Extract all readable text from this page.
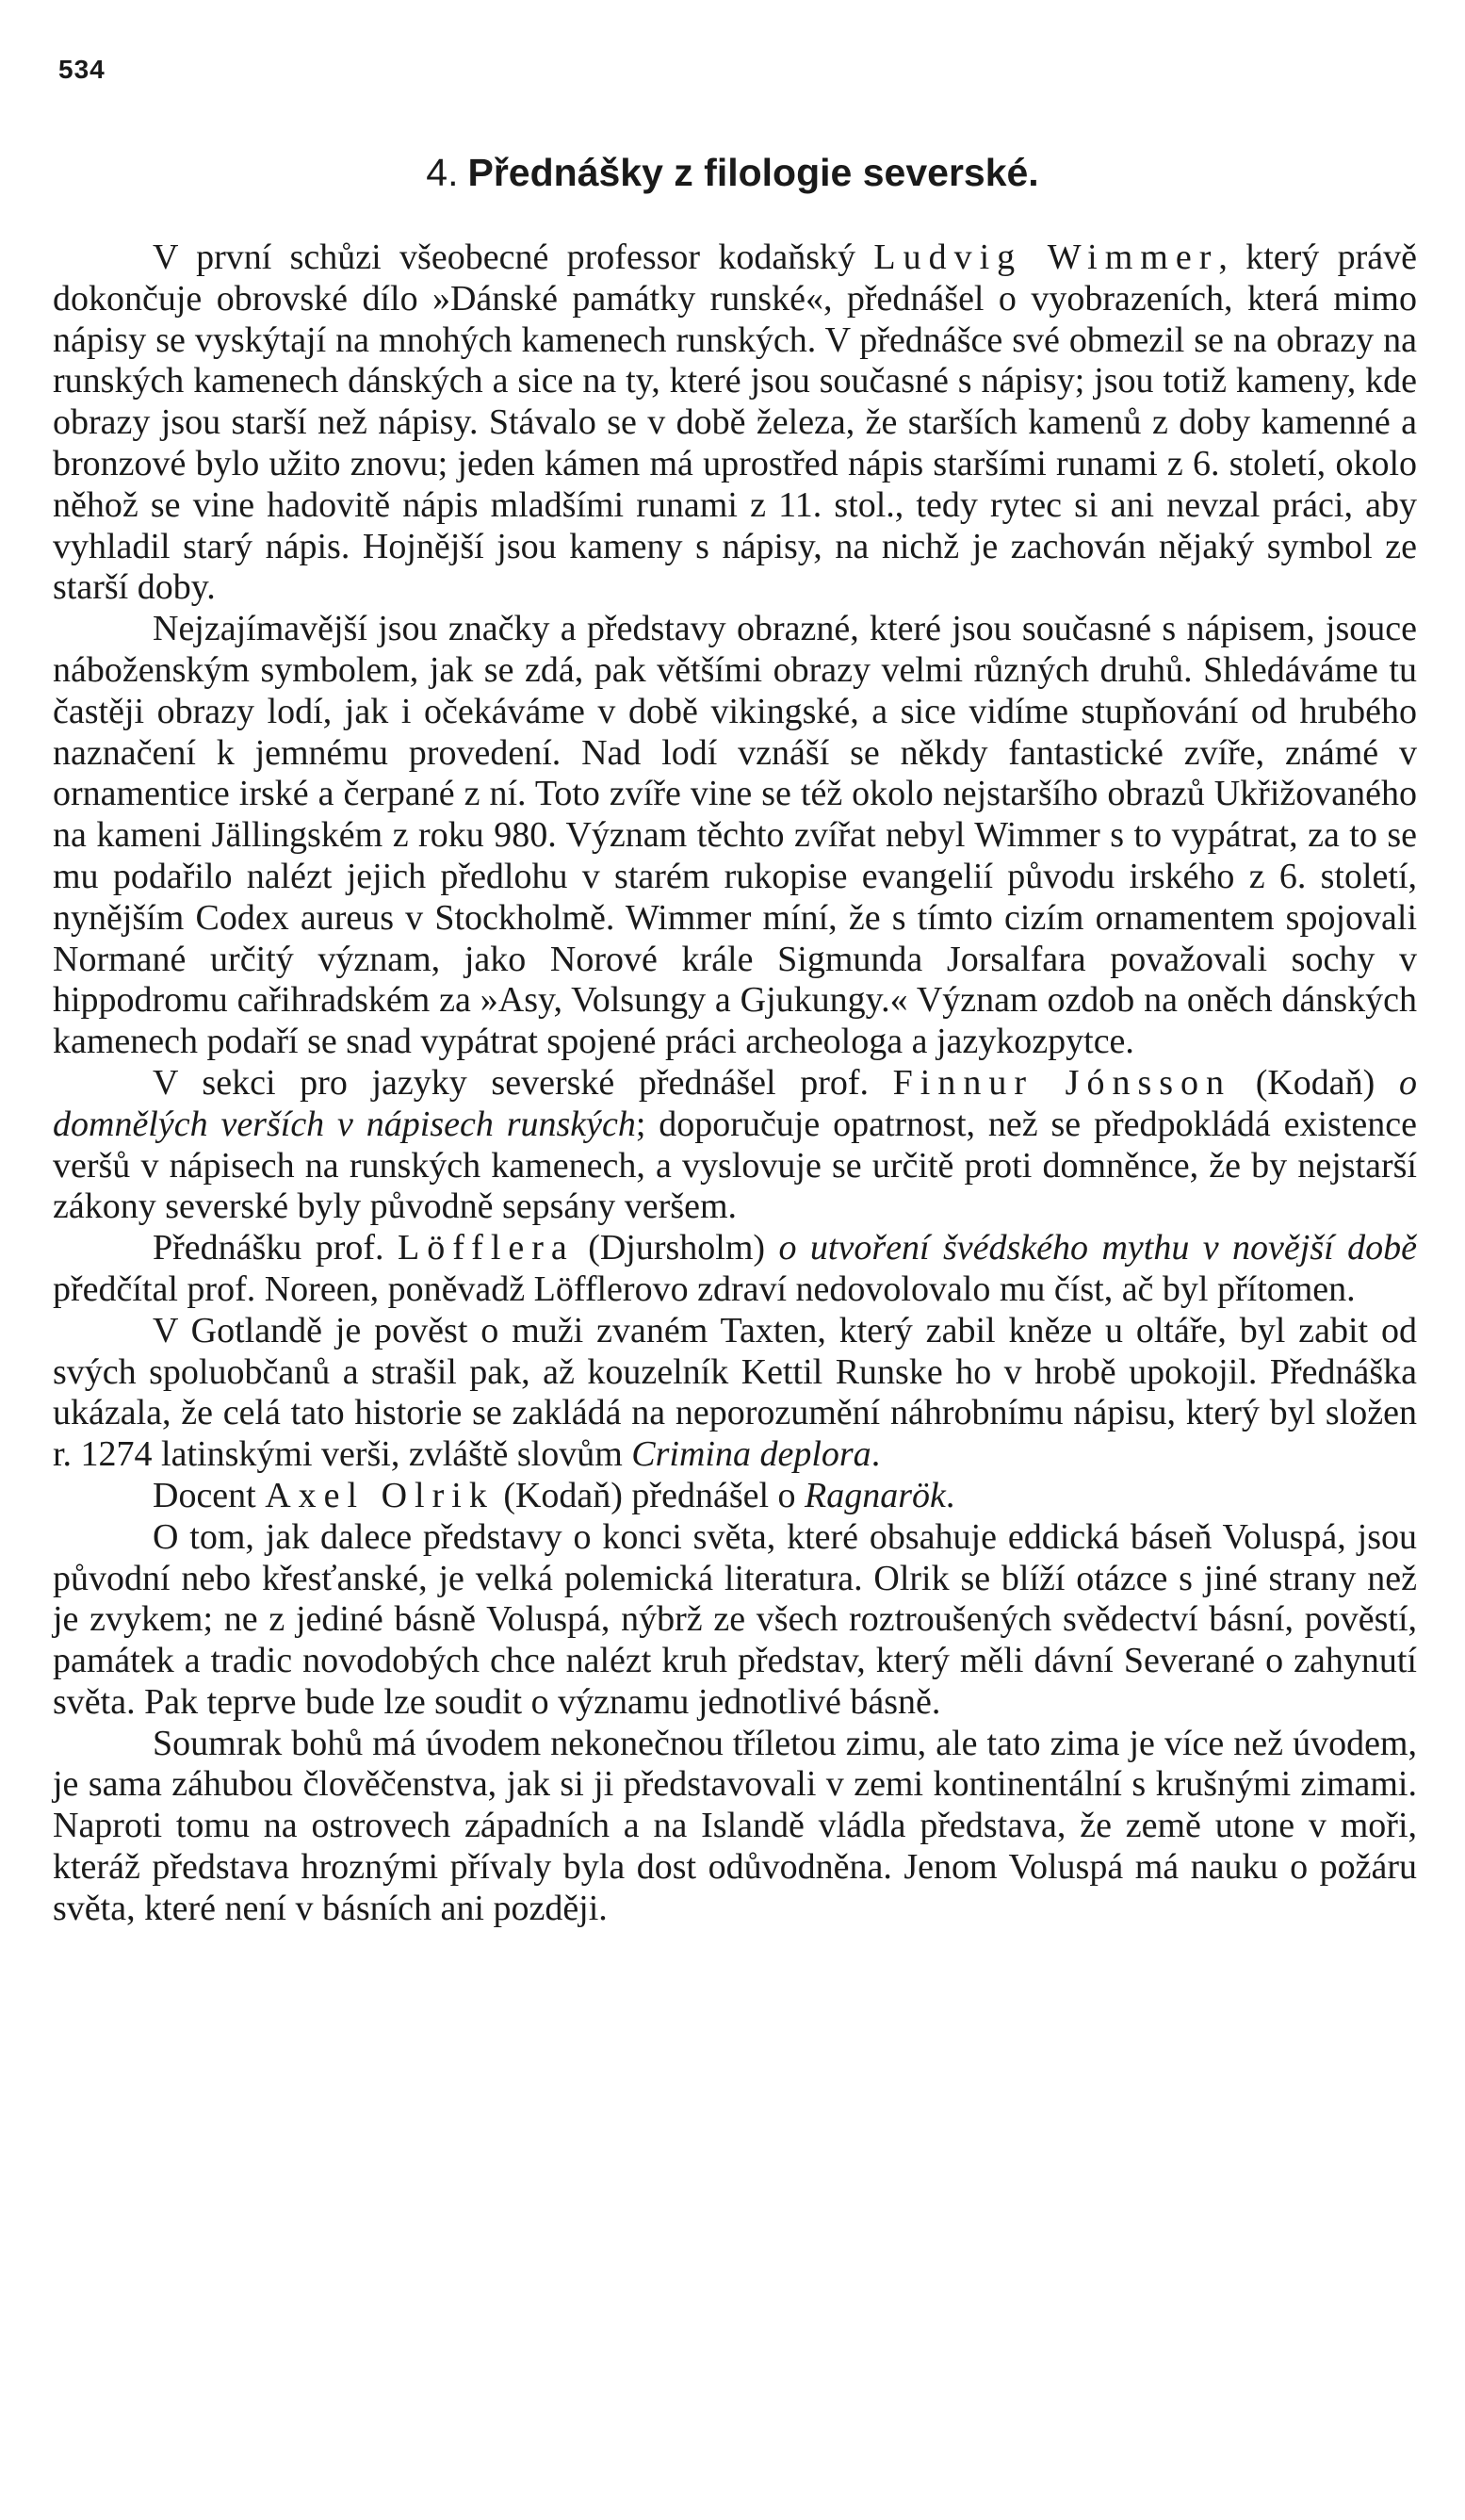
534
4. Přednášky z filologie severské.

V první schůzi všeobecné professor kodaňský Ludvig Wimmer, který právě dokončuje obrovské dílo »Dánské památky runské«, přednášel o vyobrazeních, která mimo nápisy se vyskýtají na mnohých kamenech runských. V přednášce své obmezil se na obrazy na runských kamenech dánských a sice na ty, které jsou současné s nápisy; jsou totiž kameny, kde obrazy jsou starší než nápisy. Stávalo se v době železa, že starších kamenů z doby kamenné a bronzové bylo užito znovu; jeden kámen má uprostřed nápis staršími runami z 6. století, okolo něhož se vine hadovitě nápis mladšími runami z 11. stol., tedy rytec si ani nevzal práci, aby vyhladil starý nápis. Hojnější jsou kameny s nápisy, na nichž je zachován nějaký symbol ze starší doby.

Nejzajímavější jsou značky a představy obrazné, které jsou současné s nápisem, jsouce náboženským symbolem, jak se zdá, pak většími obrazy velmi různých druhů. Shledáváme tu častěji obrazy lodí, jak i očekáváme v době vikingské, a sice vidíme stupňování od hrubého naznačení k jemnému provedení. Nad lodí vznáší se někdy fantastické zvíře, známé v ornamentice irské a čerpané z ní. Toto zvíře vine se též okolo nejstaršího obrazů Ukřižovaného na kameni Jällingském z roku 980. Význam těchto zvířat nebyl Wimmer s to vypátrat, za to se mu podařilo nalézt jejich předlohu v starém rukopise evangelií původu irského z 6. století, nynějším Codex aureus v Stockholmě. Wimmer míní, že s tímto cizím ornamentem spojovali Normané určitý význam, jako Norové krále Sigmunda Jorsalfara považovali sochy v hippodromu cařihradském za »Asy, Volsungy a Gjukungy.« Význam ozdob na oněch dánských kamenech podaří se snad vypátrat spojené práci archeologa a jazykozpytce.

V sekci pro jazyky severské přednášel prof. Finnur Jónsson (Kodaň) o domnělých verších v nápisech runských; doporučuje opatrnost, než se předpokládá existence veršů v nápisech na runských kamenech, a vyslovuje se určitě proti domněnce, že by nejstarší zákony severské byly původně sepsány veršem.

Přednášku prof. Löfflera (Djursholm) o utvoření švédského mythu v novější době předčítal prof. Noreen, poněvadž Löfflerovo zdraví nedovolovalo mu číst, ač byl přítomen.

V Gotlandě je pověst o muži zvaném Taxten, který zabil kněze u oltáře, byl zabit od svých spoluobčanů a strašil pak, až kouzelník Kettil Runske ho v hrobě upokojil. Přednáška ukázala, že celá tato historie se zakládá na neporozumění náhrobnímu nápisu, který byl složen r. 1274 latinskými verši, zvláště slovům Crimina deplora.

Docent Axel Olrik (Kodaň) přednášel o Ragnarök.

O tom, jak dalece představy o konci světa, které obsahuje eddická báseň Voluspá, jsou původní nebo křesťanské, je velká polemická literatura. Olrik se blíží otázce s jiné strany než je zvykem; ne z jediné básně Voluspá, nýbrž ze všech roztroušených svědectví básní, pověstí, památek a tradic novodobých chce nalézt kruh představ, který měli dávní Severané o zahynutí světa. Pak teprve bude lze soudit o významu jednotlivé básně.

Soumrak bohů má úvodem nekonečnou tříletou zimu, ale tato zima je více než úvodem, je sama záhubou člověčenstva, jak si ji představovali v zemi kontinentální s krušnými zimami. Naproti tomu na ostrovech západních a na Islandě vládla představa, že země utone v moři, kteráž představa hroznými přívaly byla dost odůvodněna. Jenom Voluspá má nauku o požáru světa, které není v básních ani později.
